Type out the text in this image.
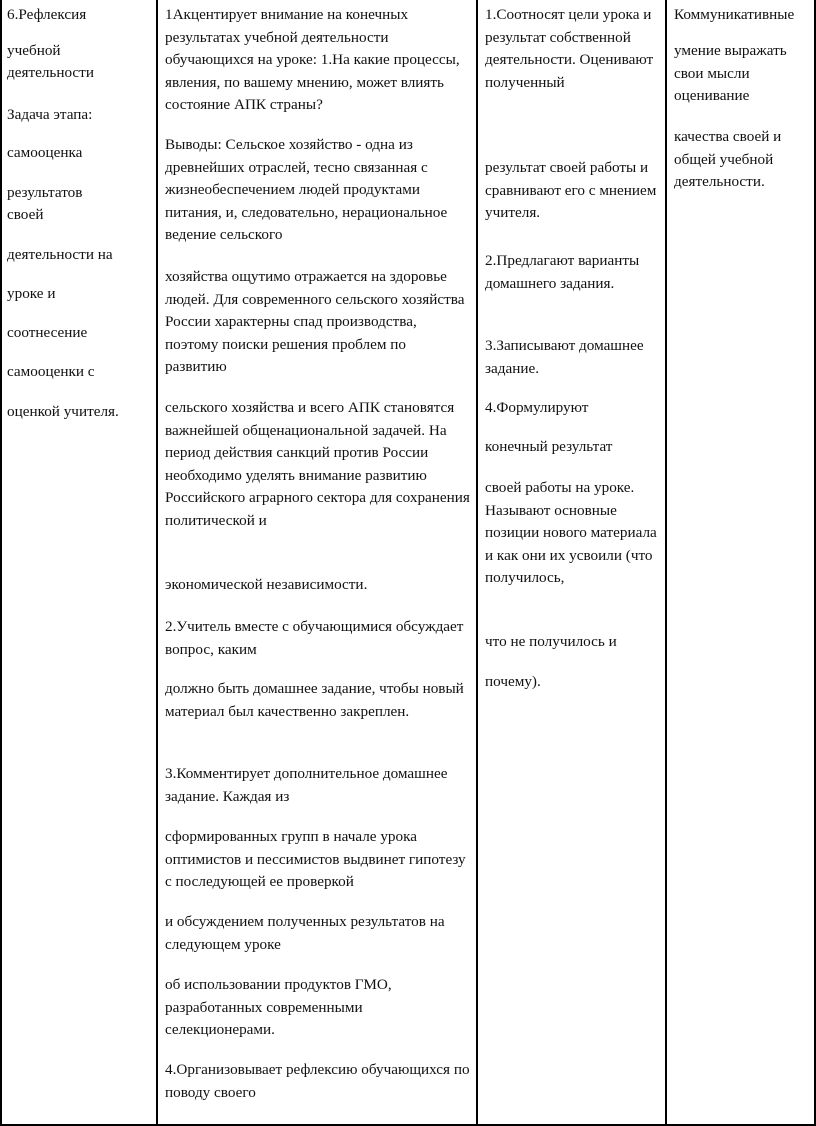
6.Рефлексия

учебной

деятельности

Задача этапа:

самооценка

результатов

своей

деятельности на

уроке и

соотнесение

самооценки с

оценкой учителя.

1Акцентирует внимание на конечных результатах учебной деятельности обучающихся на уроке: 1.На какие процессы, явления, по вашему мнению, может влиять состояние АПК страны?

Выводы: Сельское хозяйство - одна из древнейших отраслей, тесно связанная с жизнеобеспечением людей продуктами питания, и, следовательно, нерациональное ведение сельского

хозяйства ощутимо отражается на здоровье людей. Для современного сельского хозяйства России характерны спад производства, поэтому поиски решения проблем по развитию

сельского хозяйства и всего АПК становятся важнейшей общенациональной задачей. На период действия санкций против России необходимо уделять внимание развитию Российского аграрного сектора для сохранения политической и

экономической независимости.

2.Учитель вместе с обучающимися обсуждает вопрос, каким

должно быть домашнее задание, чтобы новый материал был качественно закреплен.

3.Комментирует дополнительное домашнее задание. Каждая из

сформированных групп в начале урока оптимистов и пессимистов выдвинет гипотезу с последующей ее проверкой

и обсуждением полученных результатов на следующем уроке

об использовании продуктов ГМО, разработанных современными селекционерами.

4.Организовывает рефлексию обучающихся по поводу своего

1.Соотносят цели урока и результат собственной деятельности. Оценивают полученный

результат своей работы и сравнивают его с мнением учителя.

2.Предлагают варианты домашнего задания.

3.Записывают домашнее задание.

4.Формулируют

конечный результат

своей работы на уроке. Называют основные позиции нового материала и как они их усвоили (что получилось,

что не получилось и

почему).

Коммуникативные

умение выражать свои мысли оценивание

качества своей и общей учебной деятельности.
